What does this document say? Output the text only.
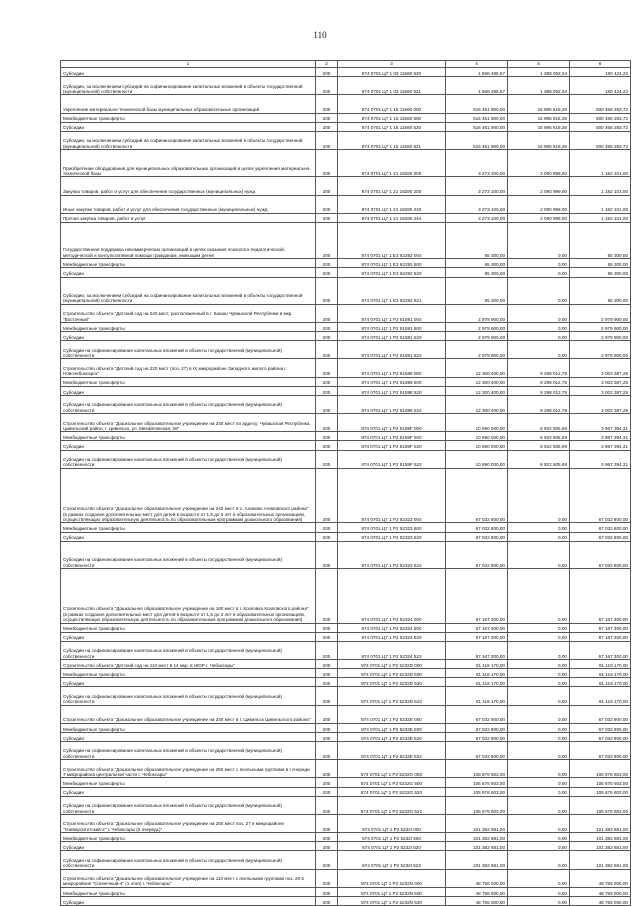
110
1	2	3	4	5	6
Субсидии	200	874 0701 Ц7 1 03 11660 520	1 568 486,57	1 388 062,34	180 424,23
Субсидии, за исключением субсидий на софинансирование капитальных вложений в объекты государственной (муниципальной) собственности	200	874 0701 Ц7 1 03 11660 521	1 568 486,57	1 388 062,34	180 424,23
Укрепление материально-технической базы муниципальных образовательных организаций	200	874 0701 Ц7 1 15 11660 000	516 461 900,00	15 995 618,28	500 466 283,72
Межбюджетные трансферты	200	874 0701 Ц7 1 15 11660 500	516 461 900,00	15 995 618,28	500 466 283,72
Субсидии	200	874 0701 Ц7 1 15 11660 520	516 461 900,00	15 995 618,28	500 466 283,72
Субсидии, за исключением субсидий на софинансирование капитальных вложений в объекты государственной (муниципальной) собственности	200	874 0701 Ц7 1 15 11660 521	516 461 900,00	15 995 618,28	500 466 283,72
Приобретение оборудования для муниципальных образовательных организаций в целях укрепления материально-технической базы	200	874 0701 Ц7 1 21 18280 000	3 273 100,00	2 090 999,00	1 182 101,00
Закупка товаров, работ и услуг для обеспечения государственных (муниципальных) нужд	200	874 0701 Ц7 1 21 18280 200	3 273 100,00	2 090 999,00	1 182 101,00
Иные закупки товаров, работ и услуг для обеспечения государственных (муниципальных) нужд	200	874 0701 Ц7 1 21 18280 240	3 273 100,00	2 090 999,00	1 182 101,00
Прочая закупка товаров, работ и услуг	200	874 0701 Ц7 1 21 18280 244	3 273 100,00	2 090 999,00	1 182 101,00
Государственная поддержка некоммерческих организаций в целях оказания психолого-педагогической, методической и консультативной помощи гражданам, имеющим детей	200	874 0701 Ц7 1 E3 62292 000	65 300,00	0,00	65 300,00
Межбюджетные трансферты	200	874 0701 Ц7 1 E3 62292 500	65 300,00	0,00	65 300,00
Субсидии	200	874 0701 Ц7 1 E3 62292 520	65 300,00	0,00	65 300,00
Субсидии, за исключением субсидий на софинансирование капитальных вложений в объекты государственной (муниципальной) собственности	200	874 0701 Ц7 1 E3 62292 521	65 300,00	0,00	65 300,00
Строительство объекта "Детский сад на 240 мест, расположенный в г. Канаш Чувашской Республики в мкр. "Восточный"	200	874 0701 Ц7 1 P2 51591 000	2 979 900,00	0,00	2 979 900,00
Межбюджетные трансферты	200	874 0701 Ц7 1 P2 51591 500	2 979 900,00	0,00	2 979 900,00
Субсидии	200	874 0701 Ц7 1 P2 51591 520	2 979 900,00	0,00	2 979 900,00
Субсидии на софинансирование капитальных вложений в объекты государственной (муниципальной) собственности	200	874 0701 Ц7 1 P2 51591 522	2 979 900,00	0,00	2 979 900,00
Строительство объекта "Детский сад на 220 мест (поз. 27) в IX микрорайоне Западного жилого района г. Новочебоксарск"	200	874 0701 Ц7 1 P2 51598 000	12 300 400,00	9 298 012,75	3 002 387,25
Межбюджетные трансферты	200	874 0701 Ц7 1 P2 51598 500	12 300 400,00	9 298 012,75	3 002 387,25
Субсидии	200	874 0701 Ц7 1 P2 51598 520	12 300 400,00	9 298 012,75	3 002 387,25
Субсидии на софинансирование капитальных вложений в объекты государственной (муниципальной) собственности	200	874 0701 Ц7 1 P2 51598 522	12 300 400,00	9 298 012,75	3 002 387,25
Строительство объекта "Дошкольное образовательное учреждение на 240 мест по адресу: Чувашская Республика, Цивильский район, г. Цивильск, ул. Михайловская, 28"	200	874 0701 Ц7 1 P2 5159F 000	10 890 000,00	6 922 605,69	3 967 394,31
Межбюджетные трансферты	200	874 0701 Ц7 1 P2 5159F 500	10 890 000,00	6 922 605,69	3 967 394,31
Субсидии	200	874 0701 Ц7 1 P2 5159F 520	10 890 000,00	6 922 605,69	3 967 394,31
Субсидии на софинансирование капитальных вложений в объекты государственной (муниципальной) собственности	200	874 0701 Ц7 1 P2 5159F 522	10 890 000,00	6 922 605,69	3 967 394,31
Строительство объекта "Дошкольное образовательное учреждение на 240 мест в с. Аликово Аликовского района" (в рамках создания дополнительных мест для детей в возрасте от 1,5 до 3 лет в образовательных организациях, осуществляющих образовательную деятельность по образовательным программам дошкольного образования)	200	874 0701 Ц7 1 P2 52323 000	67 032 800,00	0,00	67 032 800,00
Межбюджетные трансферты	200	874 0701 Ц7 1 P2 52323 500	67 032 800,00	0,00	67 032 800,00
Субсидии	200	874 0701 Ц7 1 P2 52323 520	67 032 800,00	0,00	67 032 800,00
Субсидии на софинансирование капитальных вложений в объекты государственной (муниципальной) собственности	200	874 0701 Ц7 1 P2 52323 522	67 032 800,00	0,00	67 032 800,00
Строительство объекта "Дошкольное образовательное учреждение на 160 мест в г. Козловка Козловского района" (в рамках создания дополнительных мест для детей в возрасте от 1,5 до 3 лет в образовательных организациях, осуществляющих образовательную деятельность по образовательным программам дошкольного образования)	200	874 0701 Ц7 1 P2 52324 000	57 167 300,00	0,00	57 167 300,00
Межбюджетные трансферты	200	874 0701 Ц7 1 P2 52324 500	57 167 300,00	0,00	57 167 300,00
Субсидии	200	874 0701 Ц7 1 P2 52324 520	57 167 300,00	0,00	57 167 300,00
Субсидии на софинансирование капитальных вложений в объекты государственной (муниципальной) собственности	200	874 0701 Ц7 1 P2 52324 522	57 167 300,00	0,00	57 167 300,00
Строительство объекта "Детский сад на 110 мест в 14 мкр. в НЮР г. Чебоксары"	200	874 0701 Ц7 1 P2 5232D 000	81 118 170,00	0,00	81 118 170,00
Межбюджетные трансферты	200	874 0701 Ц7 1 P2 5232D 500	81 118 170,00	0,00	81 118 170,00
Субсидии	200	874 0701 Ц7 1 P2 5232D 520	81 118 170,00	0,00	81 118 170,00
Субсидии на софинансирование капитальных вложений в объекты государственной (муниципальной) собственности	200	874 0701 Ц7 1 P2 5232D 522	81 118 170,00	0,00	81 118 170,00
Строительство объекта "Дошкольное образовательное учреждение на 240 мест в г. Цивильск Цивильского района"	200	874 0701 Ц7 1 P2 5232E 000	67 032 900,00	0,00	67 032 900,00
Межбюджетные трансферты	200	874 0701 Ц7 1 P2 5232E 500	67 032 900,00	0,00	67 032 900,00
Субсидии	200	874 0701 Ц7 1 P2 5232E 520	67 032 900,00	0,00	67 032 900,00
Субсидии на софинансирование капитальных вложений в объекты государственной (муниципальной) собственности	200	874 0701 Ц7 1 P2 5232E 522	67 032 900,00	0,00	67 032 900,00
Строительство объекта "Дошкольное образовательное учреждение на 250 мест с ясельными группами в I очереди 7 микрорайона центральной части г. Чебоксары"	200	874 0701 Ц7 1 P2 5232G 000	105 676 603,00	0,00	105 676 603,00
Межбюджетные трансферты	200	874 0701 Ц7 1 P2 5232G 500	105 676 603,00	0,00	105 676 603,00
Субсидии	200	874 0701 Ц7 1 P2 5232G 520	105 676 603,00	0,00	105 676 603,00
Субсидии на софинансирование капитальных вложений в объекты государственной (муниципальной) собственности	200	874 0701 Ц7 1 P2 5232G 522	105 676 603,00	0,00	105 676 603,00
Строительство объекта "Дошкольное образовательное учреждение на 250 мест поз. 27 в микрорайоне "Университетский-2" г. Чебоксары (II очередь)"	200	874 0701 Ц7 1 P2 5232I 000	101 382 681,00	0,00	101 382 681,00
Межбюджетные трансферты	200	874 0701 Ц7 1 P2 5232I 500	101 382 681,00	0,00	101 382 681,00
Субсидии	200	874 0701 Ц7 1 P2 5232I 520	101 382 681,00	0,00	101 382 681,00
Субсидии на софинансирование капитальных вложений в объекты государственной (муниципальной) собственности	200	874 0701 Ц7 1 P2 5232I 522	101 382 681,00	0,00	101 382 681,00
Строительство объекта "Дошкольное образовательное учреждение на 110 мест с ясельными группами поз. 20 в микрорайоне "Солнечный-4" (1 этап) г. Чебоксары"	200	874 0701 Ц7 1 P2 5232N 000	48 755 000,00	0,00	48 755 000,00
Межбюджетные трансферты	200	874 0701 Ц7 1 P2 5232N 500	48 755 000,00	0,00	48 755 000,00
Субсидии	200	874 0701 Ц7 1 P2 5232N 520	48 755 000,00	0,00	48 755 000,00
